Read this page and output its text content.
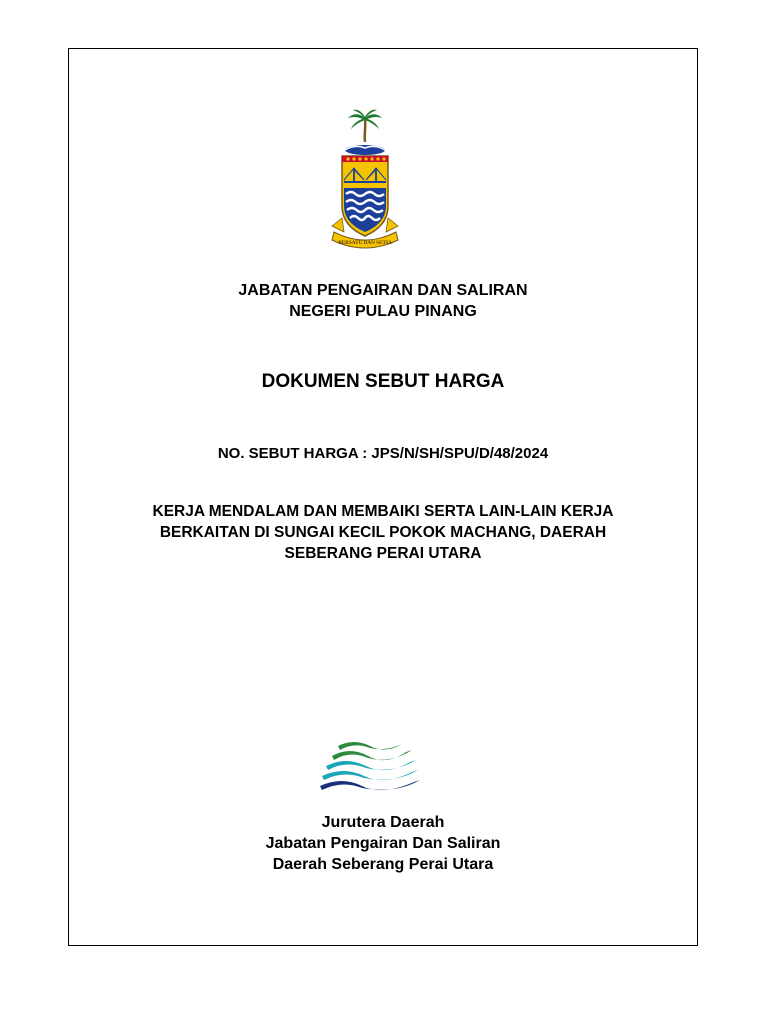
BERSATU DAN SETIA
JABATAN PENGAIRAN DAN SALIRAN
NEGERI PULAU PINANG
DOKUMEN SEBUT HARGA
NO. SEBUT HARGA : JPS/N/SH/SPU/D/48/2024
KERJA MENDALAM DAN MEMBAIKI SERTA LAIN-LAIN KERJA
BERKAITAN DI SUNGAI KECIL POKOK MACHANG, DAERAH
SEBERANG PERAI UTARA
Jurutera Daerah
Jabatan Pengairan Dan Saliran
Daerah Seberang Perai Utara
